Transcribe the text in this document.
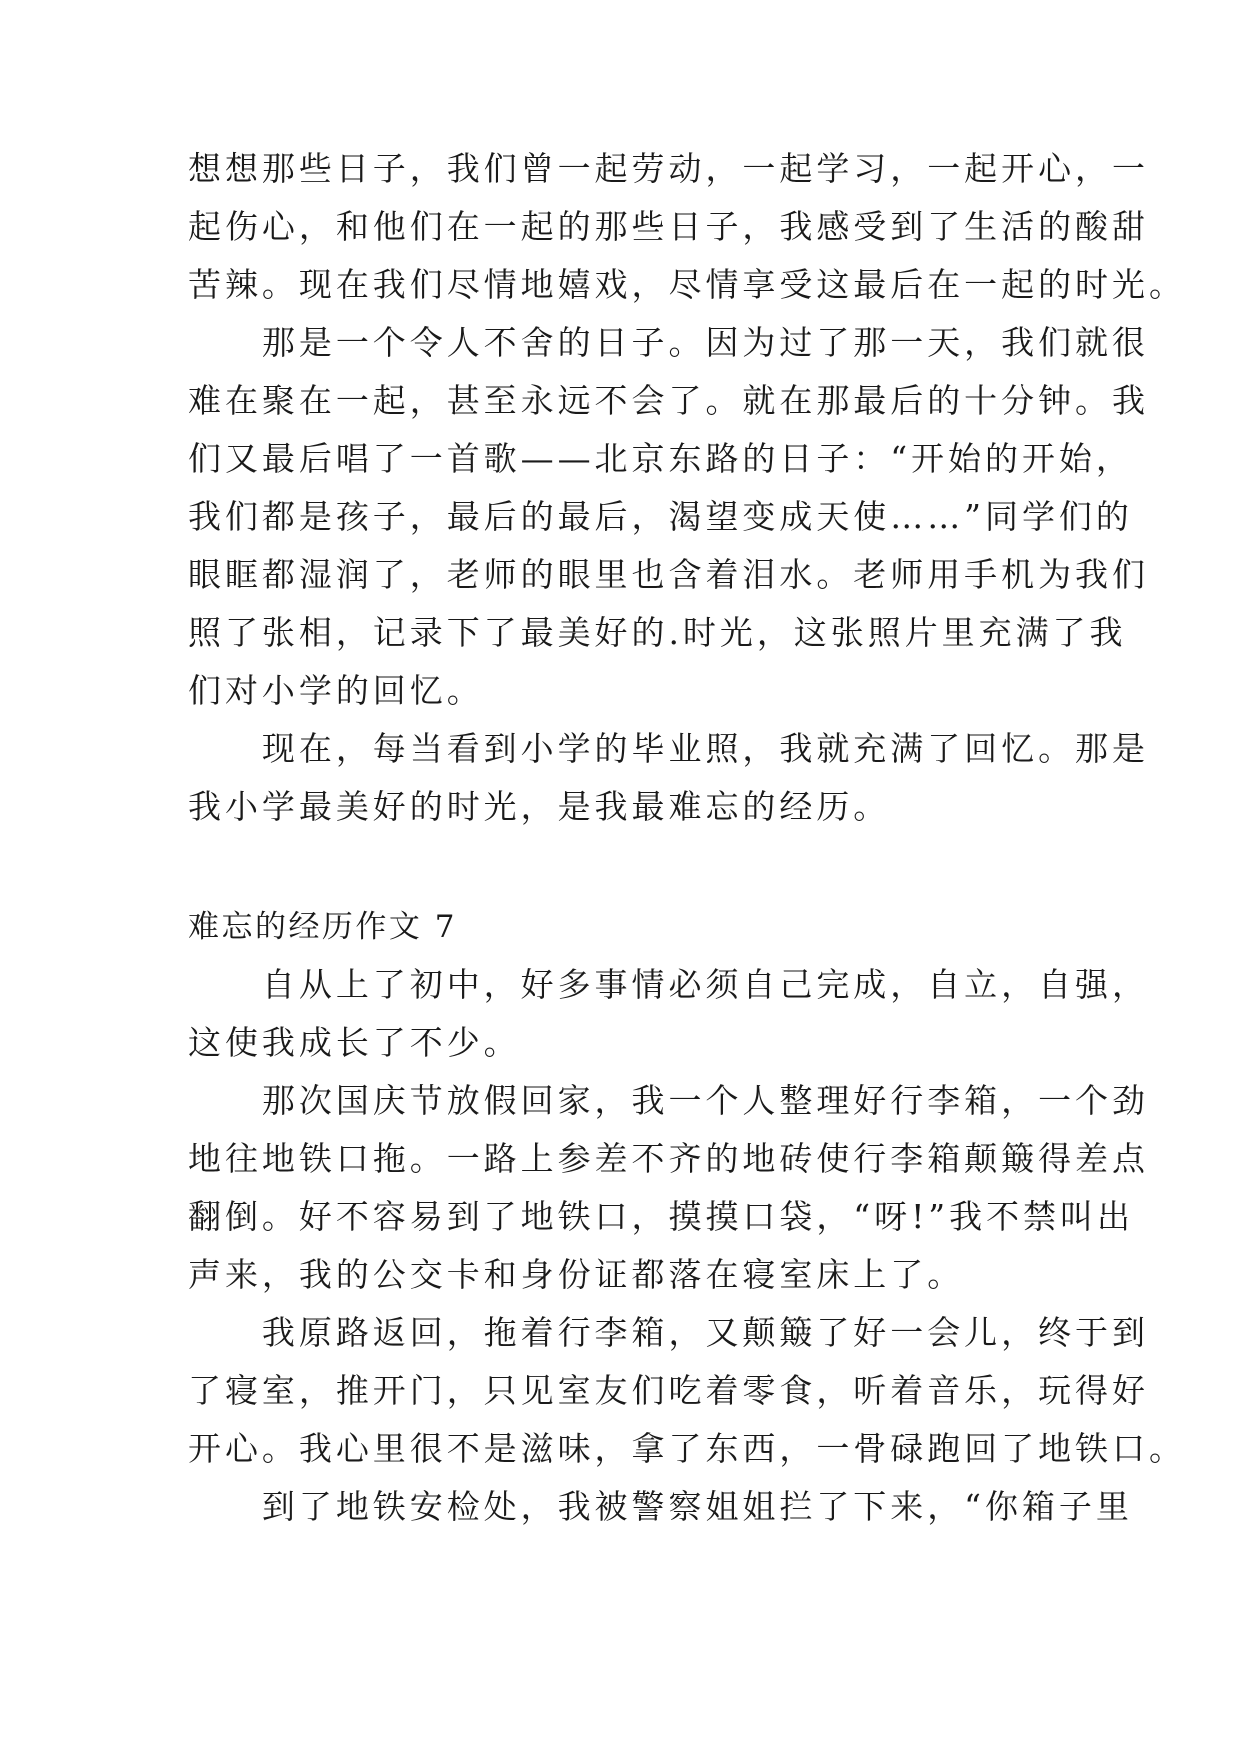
想想那些日子，我们曾一起劳动，一起学习，一起开心，一
起伤心，和他们在一起的那些日子，我感受到了生活的酸甜
苦辣。现在我们尽情地嬉戏，尽情享受这最后在一起的时光。
　　那是一个令人不舍的日子。因为过了那一天，我们就很
难在聚在一起，甚至永远不会了。就在那最后的十分钟。我
们又最后唱了一首歌——北京东路的日子：“开始的开始，
我们都是孩子，最后的最后，渴望变成天使……”同学们的
眼眶都湿润了，老师的眼里也含着泪水。老师用手机为我们
照了张相，记录下了最美好的.时光，这张照片里充满了我
们对小学的回忆。
　　现在，每当看到小学的毕业照，我就充满了回忆。那是
我小学最美好的时光，是我最难忘的经历。
难忘的经历作文 7
　　自从上了初中，好多事情必须自己完成，自立，自强，
这使我成长了不少。
　　那次国庆节放假回家，我一个人整理好行李箱，一个劲
地往地铁口拖。一路上参差不齐的地砖使行李箱颠簸得差点
翻倒。好不容易到了地铁口，摸摸口袋，“呀!”我不禁叫出
声来，我的公交卡和身份证都落在寝室床上了。
　　我原路返回，拖着行李箱，又颠簸了好一会儿，终于到
了寝室，推开门，只见室友们吃着零食，听着音乐，玩得好
开心。我心里很不是滋味，拿了东西，一骨碌跑回了地铁口。
　　到了地铁安检处，我被警察姐姐拦了下来，“你箱子里
